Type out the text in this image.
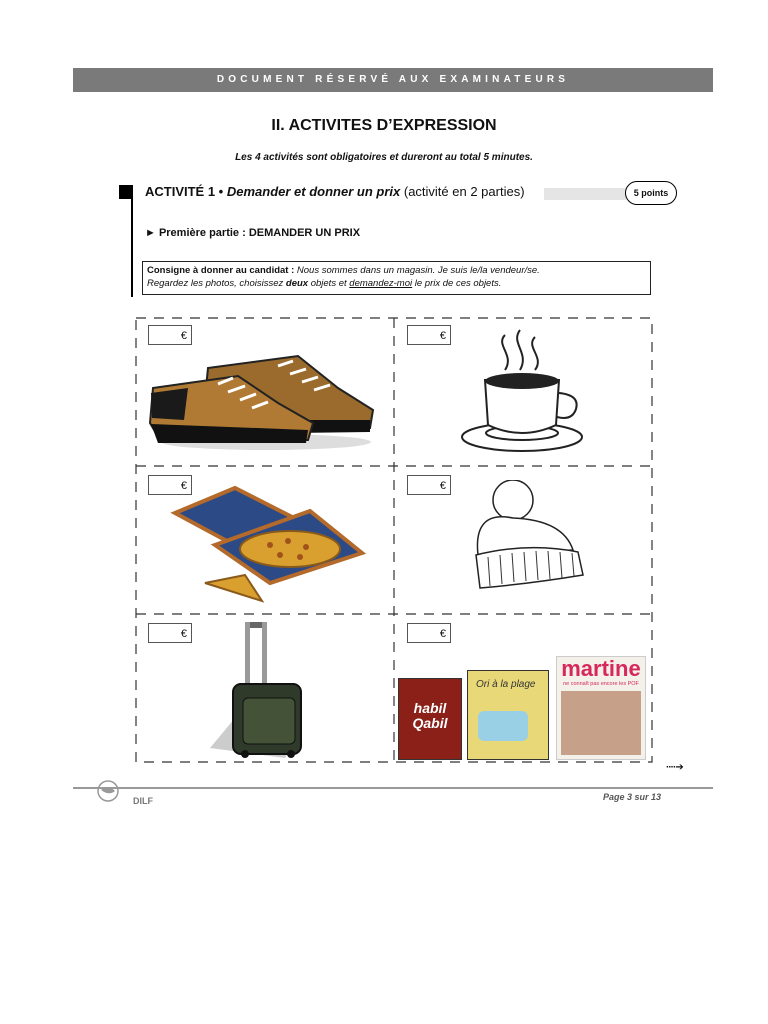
DOCUMENT RÉSERVÉ AUX EXAMINATEURS
II. ACTIVITES D’EXPRESSION
Les 4 activités sont obligatoires et dureront au total 5 minutes.
ACTIVITÉ 1 • Demander et donner un prix (activité en 2 parties)	5 points
► Première partie : DEMANDER UN PRIX
Consigne à donner au candidat : Nous sommes dans un magasin. Je suis le/la vendeur/se.
Regardez les photos, choisissez deux objets et demandez-moi le prix de ces objets.
€	€
€	€
€	€
habil Qabil
Ori à la plage
martine
ne connaît pas encore les POF
····➔
DILF	Page 3 sur 13
